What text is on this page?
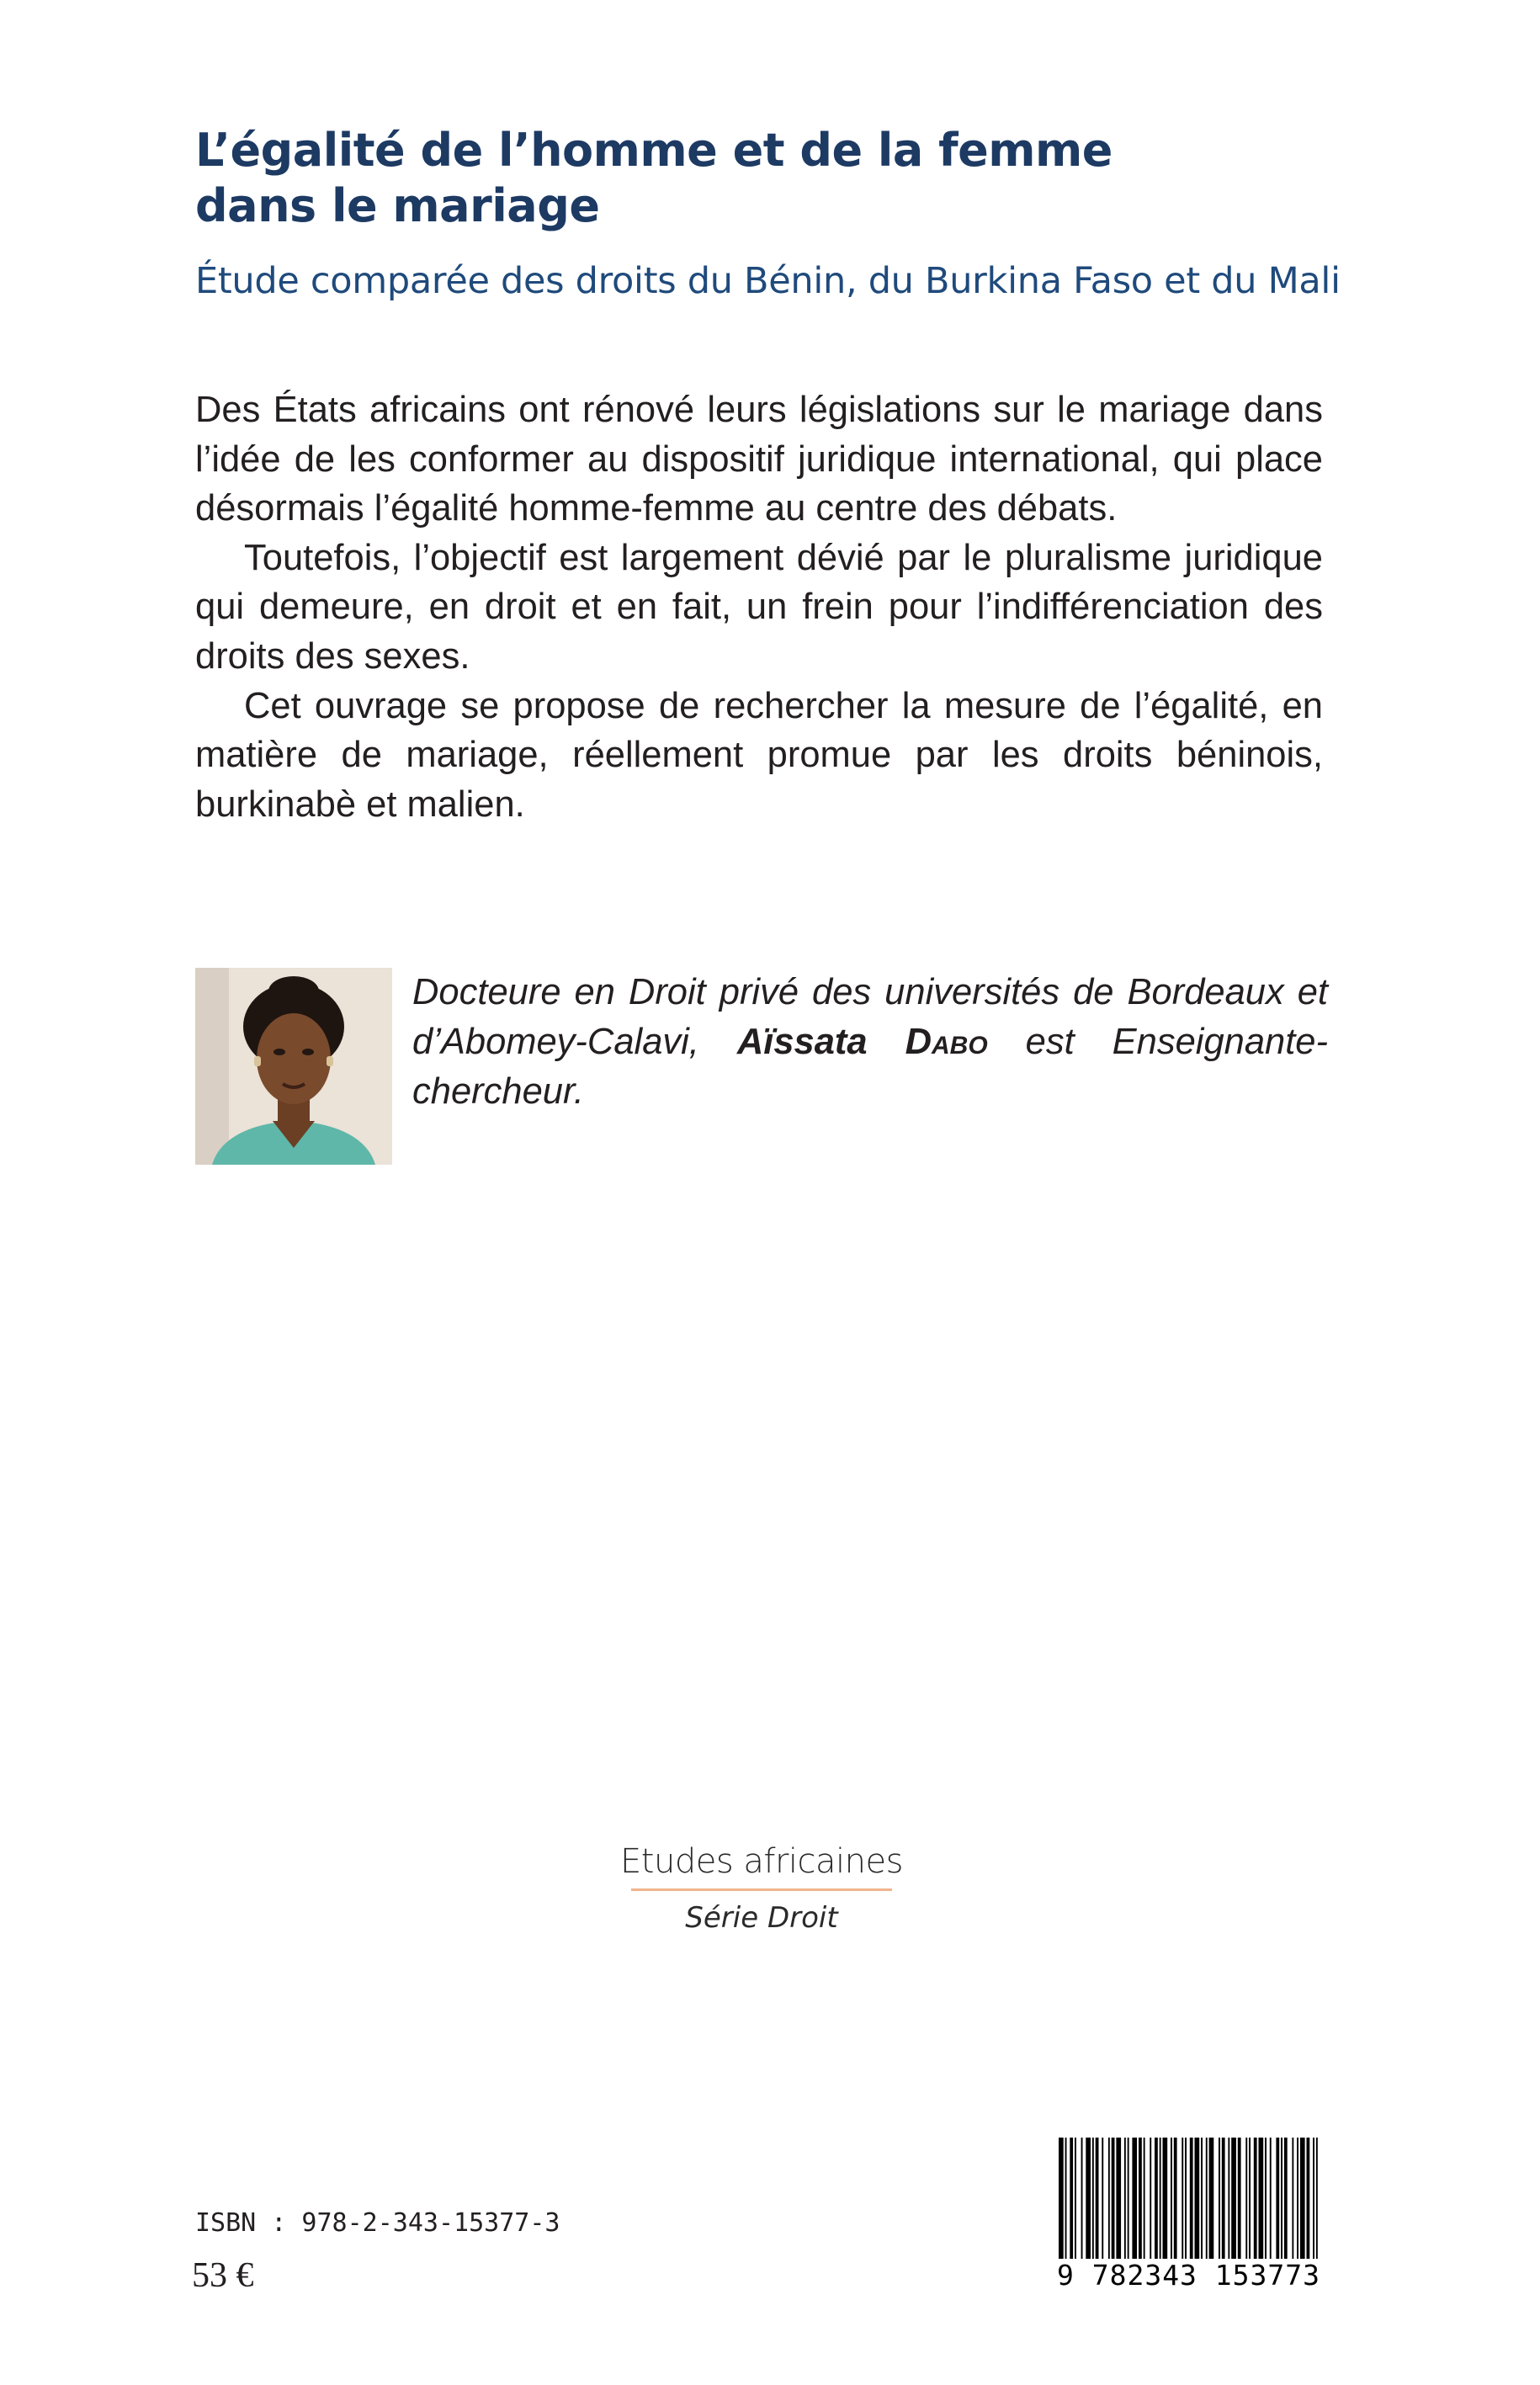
L’égalité de l’homme et de la femme
dans le mariage
Étude comparée des droits du Bénin, du Burkina Faso et du Mali

Des États africains ont rénové leurs législations sur le mariage dans l’idée de les conformer au dispositif juridique international, qui place désormais l’égalité homme-femme au centre des débats.

Toutefois, l’objectif est largement dévié par le pluralisme juridique qui demeure, en droit et en fait, un frein pour l’indifférenciation des droits des sexes.

Cet ouvrage se propose de rechercher la mesure de l’égalité, en matière de mariage, réellement promue par les droits béninois, burkinabè et malien.

Docteure en Droit privé des universités de Bordeaux et d’Abomey-Calavi, Aïssata Dabo est Enseignante-chercheur.
Etudes africaines
Série Droit
ISBN : 978-2-343-15377-3
53 €	9 782343 153773
